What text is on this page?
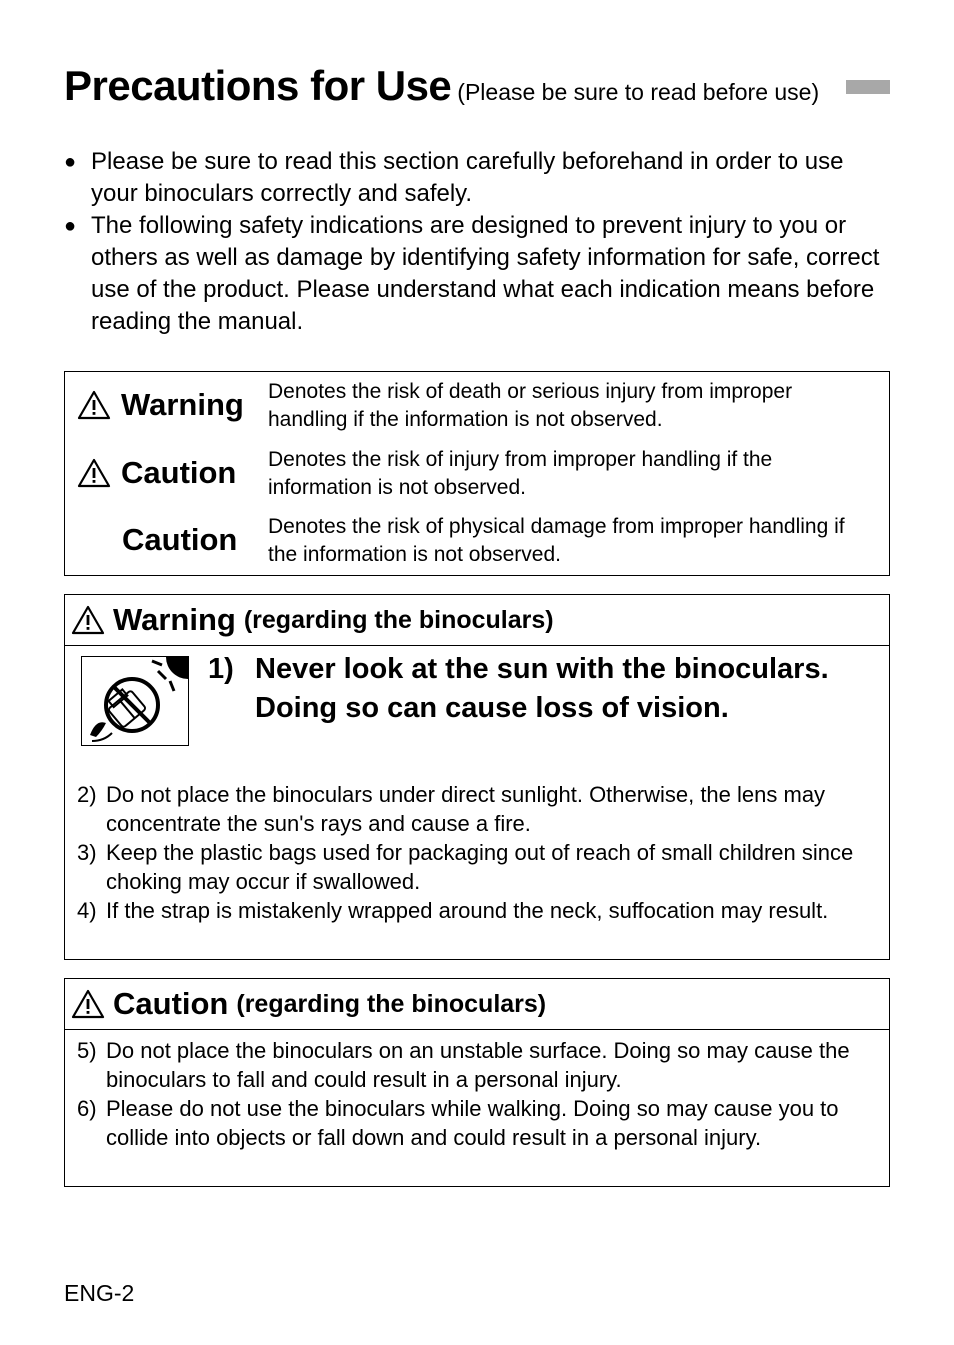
Precautions for Use (Please be sure to read before use)
● Please be sure to read this section carefully beforehand in order to use your binoculars correctly and safely.
● The following safety indications are designed to prevent injury to you or others as well as damage by identifying safety information for safe, correct use of the product. Please understand what each indication means before reading the manual.
Warning Denotes the risk of death or serious injury from improper handling if the information is not observed.
Caution Denotes the risk of injury from improper handling if the information is not observed.
Caution Denotes the risk of physical damage from improper handling if the information is not observed.
Warning (regarding the binoculars)
1) Never look at the sun with the binoculars. Doing so can cause loss of vision.
2) Do not place the binoculars under direct sunlight. Otherwise, the lens may concentrate the sun's rays and cause a fire.
3) Keep the plastic bags used for packaging out of reach of small children since choking may occur if swallowed.
4) If the strap is mistakenly wrapped around the neck, suffocation may result.
Caution (regarding the binoculars)
5) Do not place the binoculars on an unstable surface. Doing so may cause the binoculars to fall and could result in a personal injury.
6) Please do not use the binoculars while walking. Doing so may cause you to collide into objects or fall down and could result in a personal injury.
ENG-2
